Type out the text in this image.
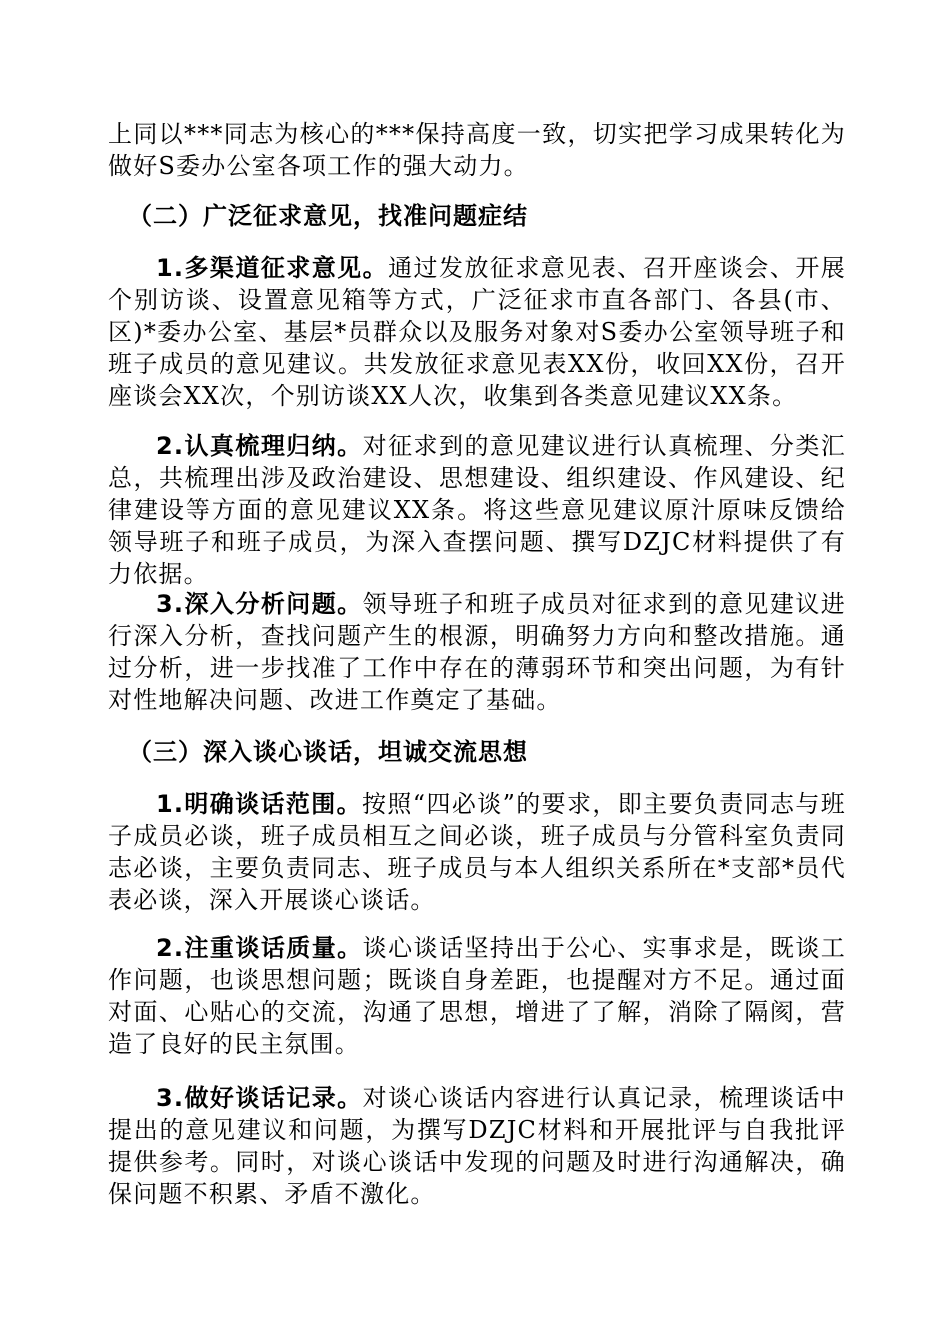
上同以***同志为核心的***保持高度一致，切实把学习成果转化为做好S委办公室各项工作的强大动力。

（二）广泛征求意见，找准问题症结

1.多渠道征求意见。通过发放征求意见表、召开座谈会、开展个别访谈、设置意见箱等方式，广泛征求市直各部门、各县(市、区)*委办公室、基层*员群众以及服务对象对S委办公室领导班子和班子成员的意见建议。共发放征求意见表XX份，收回XX份，召开座谈会XX次，个别访谈XX人次，收集到各类意见建议XX条。

2.认真梳理归纳。对征求到的意见建议进行认真梳理、分类汇总，共梳理出涉及政治建设、思想建设、组织建设、作风建设、纪律建设等方面的意见建议XX条。将这些意见建议原汁原味反馈给领导班子和班子成员，为深入查摆问题、撰写DZJC材料提供了有力依据。

3.深入分析问题。领导班子和班子成员对征求到的意见建议进行深入分析，查找问题产生的根源，明确努力方向和整改措施。通过分析，进一步找准了工作中存在的薄弱环节和突出问题，为有针对性地解决问题、改进工作奠定了基础。

（三）深入谈心谈话，坦诚交流思想

1.明确谈话范围。按照“四必谈”的要求，即主要负责同志与班子成员必谈，班子成员相互之间必谈，班子成员与分管科室负责同志必谈，主要负责同志、班子成员与本人组织关系所在*支部*员代表必谈，深入开展谈心谈话。

2.注重谈话质量。谈心谈话坚持出于公心、实事求是，既谈工作问题，也谈思想问题；既谈自身差距，也提醒对方不足。通过面对面、心贴心的交流，沟通了思想，增进了了解，消除了隔阂，营造了良好的民主氛围。

3.做好谈话记录。对谈心谈话内容进行认真记录，梳理谈话中提出的意见建议和问题，为撰写DZJC材料和开展批评与自我批评提供参考。同时，对谈心谈话中发现的问题及时进行沟通解决，确保问题不积累、矛盾不激化。
